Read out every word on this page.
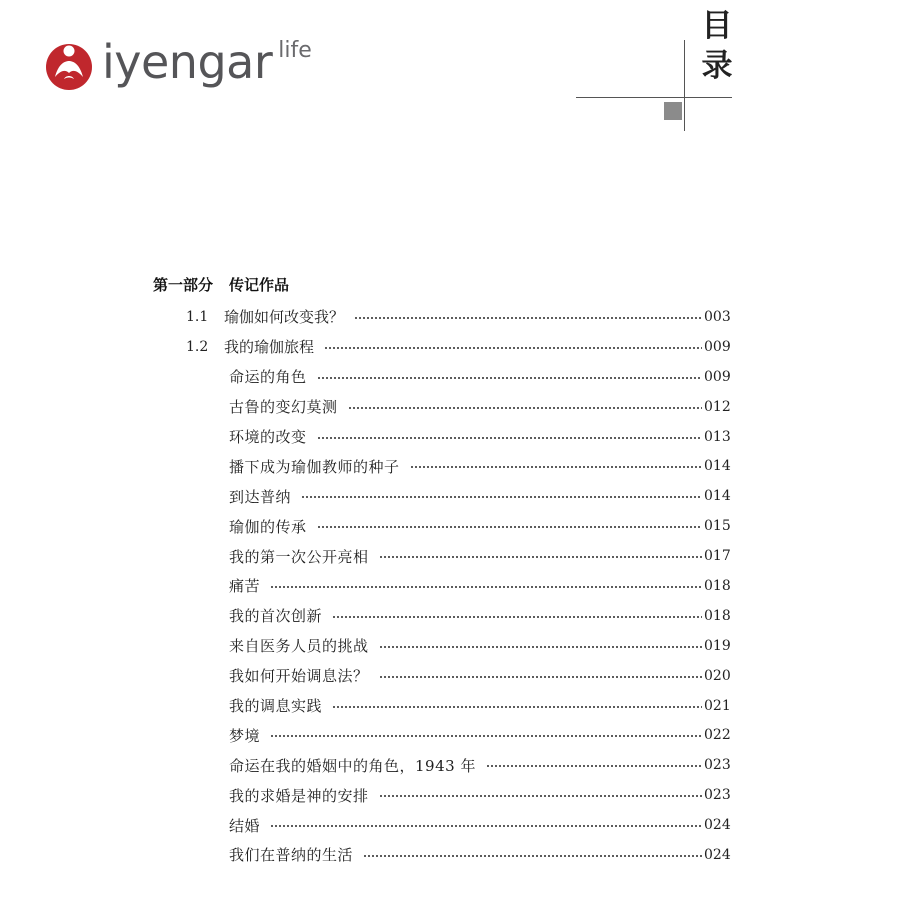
iyengar life
目
录
第一部分 传记作品
1.1	瑜伽如何改变我？	003
1.2	我的瑜伽旅程	009
命运的角色	009
古鲁的变幻莫测	012
环境的改变	013
播下成为瑜伽教师的种子	014
到达普纳	014
瑜伽的传承	015
我的第一次公开亮相	017
痛苦	018
我的首次创新	018
来自医务人员的挑战	019
我如何开始调息法？	020
我的调息实践	021
梦境	022
命运在我的婚姻中的角色，1943 年	023
我的求婚是神的安排	023
结婚	024
我们在普纳的生活	024
